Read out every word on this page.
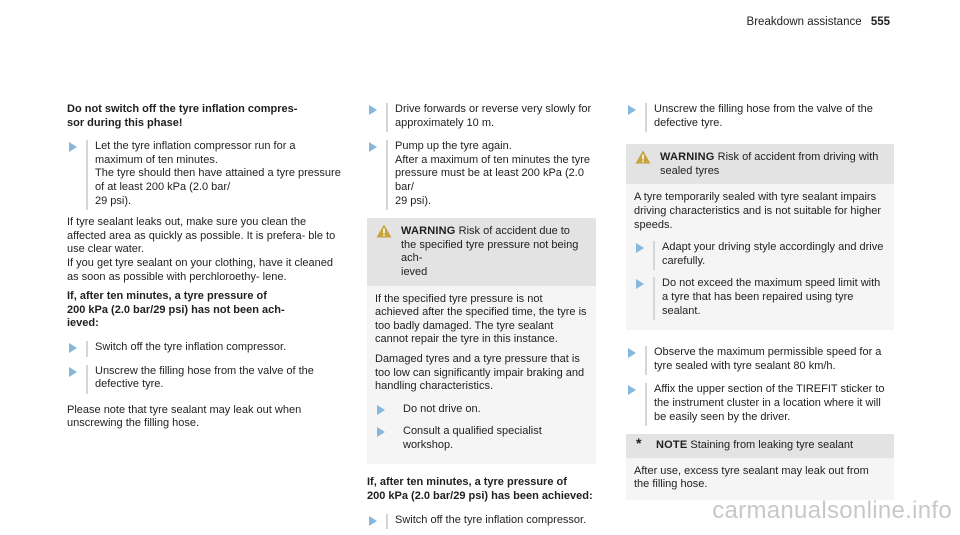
Breakdown assistance 555

Do not switch off the tyre inflation compres-
sor during this phase!

Let the tyre inflation compressor run for a maximum of ten minutes.
The tyre should then have attained a tyre pressure of at least 200 kPa (2.0 bar/
29 psi).

If tyre sealant leaks out, make sure you clean the affected area as quickly as possible. It is prefera- ble to use clear water.

If you get tyre sealant on your clothing, have it cleaned as soon as possible with perchloroethy- lene.

If, after ten minutes, a tyre pressure of
200 kPa (2.0 bar/29 psi) has not been ach-
ieved:

Switch off the tyre inflation compressor.
Unscrew the filling hose from the valve of the defective tyre.

Please note that tyre sealant may leak out when unscrewing the filling hose.

Drive forwards or reverse very slowly for approximately 10 m.
Pump up the tyre again.
After a maximum of ten minutes the tyre pressure must be at least 200 kPa (2.0 bar/
29 psi).
WARNING Risk of accident due to the specified tyre pressure not being ach-
ieved

If the specified tyre pressure is not achieved after the specified time, the tyre is too badly damaged. The tyre sealant cannot repair the tyre in this instance.

Damaged tyres and a tyre pressure that is too low can significantly impair braking and handling characteristics.

Do not drive on.
Consult a qualified specialist workshop.

If, after ten minutes, a tyre pressure of
200 kPa (2.0 bar/29 psi) has been achieved:

Switch off the tyre inflation compressor.
Unscrew the filling hose from the valve of the defective tyre.
WARNING Risk of accident from driving with sealed tyres

A tyre temporarily sealed with tyre sealant impairs driving characteristics and is not suitable for higher speeds.

Adapt your driving style accordingly and drive carefully.
Do not exceed the maximum speed limit with a tyre that has been repaired using tyre sealant.
Observe the maximum permissible speed for a tyre sealed with tyre sealant 80 km/h.
Affix the upper section of the TIREFIT sticker to the instrument cluster in a location where it will be easily seen by the driver.
* NOTE Staining from leaking tyre sealant

After use, excess tyre sealant may leak out from the filling hose.

carmanualsonline.info
